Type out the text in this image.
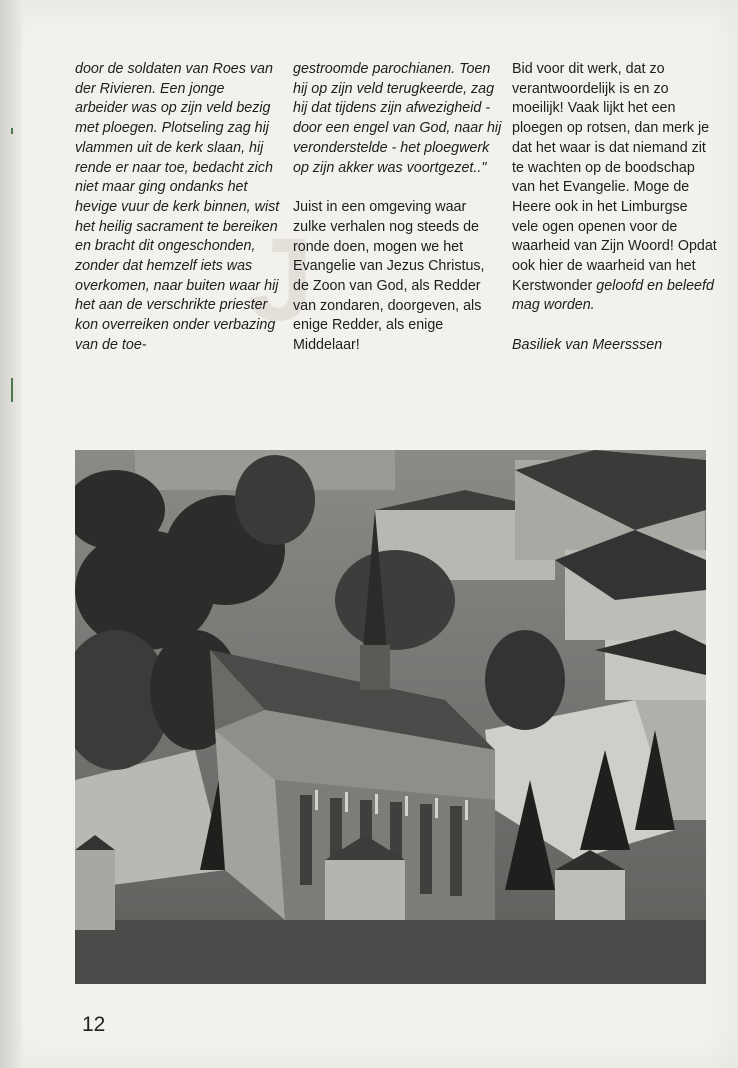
J

door de soldaten van Roes van der Rivieren. Een jonge arbeider was op zijn veld bezig met ploegen. Plotseling zag hij vlammen uit de kerk slaan, hij rende er naar toe, bedacht zich niet maar ging ondanks het hevige vuur de kerk binnen, wist het heilig sacrament te bereiken en bracht dit ongeschonden, zonder dat hemzelf iets was overkomen, naar buiten waar hij het aan de verschrikte priester kon overreiken onder verbazing van de toe-

gestroomde parochianen. Toen hij op zijn veld terugkeerde, zag hij dat tijdens zijn afwezigheid - door een engel van God, naar hij veronderstelde - het ploegwerk op zijn akker was voortgezet.."

Juist in een omgeving waar zulke verhalen nog steeds de ronde doen, mogen we het Evangelie van Jezus Christus, de Zoon van God, als Redder van zondaren, doorgeven, als enige Redder, als enige Middelaar!

Bid voor dit werk, dat zo verantwoordelijk is en zo moeilijk! Vaak lijkt het een ploegen op rotsen, dan merk je dat het waar is dat niemand zit te wachten op de boodschap van het Evangelie. Moge de Heere ook in het Limburgse vele ogen openen voor de waarheid van Zijn Woord! Opdat ook hier de waarheid van het Kerstwonder geloofd en beleefd mag worden.

Basiliek van Meersssen

12
